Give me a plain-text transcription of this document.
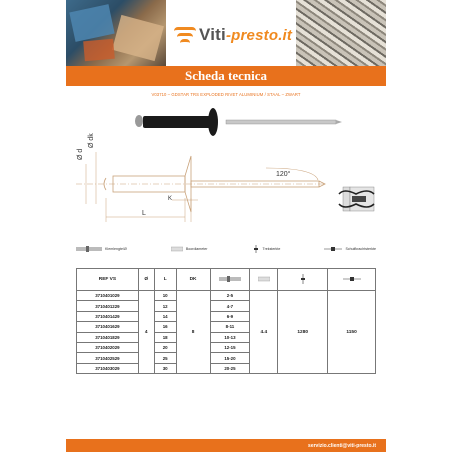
Viti-presto.it
Scheda tecnica
V03710 – GDSTAR TRS EXPLODED RIVET ALUMINIUM / STAAL – ZWART
Ø d
Ø dk
120°
K
L
Klemlengte/Ø	Boordiameter	Treksterkte	Schuifkrachtsterkte
REF VS	Ø	L	DK				
3710401029	4	10	8	2-5	4.4	1280	1150
3710401229		12		4-7			
3710401429		14		6-9			
3710401629		16		8-11			
3710401829		18		10-13			
3710402029		20		12-15			
3710402529		25		15-20			
3710403029		30		20-25			
servizio.clienti@viti-presto.it
